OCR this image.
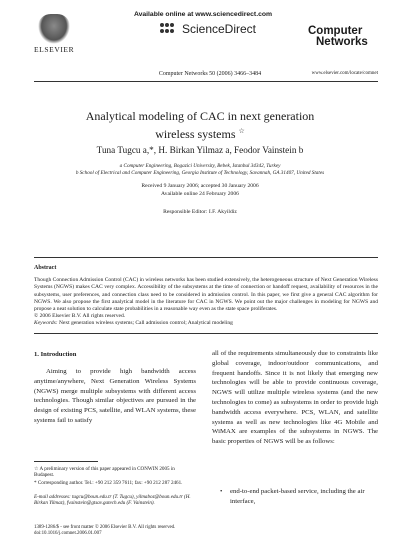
ELSEVIER
Available online at www.sciencedirect.com
ScienceDirect
Computer Networks 50 (2006) 3466–3484
Computer
Networks
www.elsevier.com/locate/comnet
Analytical modeling of CAC in next generation
wireless systems ☆
Tuna Tugcu a,*, H. Birkan Yilmaz a, Feodor Vainstein b
a Computer Engineering, Bogazici University, Bebek, Istanbul 34342, Turkey
b School of Electrical and Computer Engineering, Georgia Institute of Technology, Savannah, GA 31407, United States
Received 9 January 2006; accepted 30 January 2006
Available online 24 February 2006
Responsible Editor: I.F. Akyildiz
Abstract
Though Connection Admission Control (CAC) in wireless networks has been studied extensively, the heterogeneous structure of Next Generation Wireless Systems (NGWS) makes CAC very complex. Accessibility of the subsystems at the time of connection or handoff request, availability of resources in the subsystems, user preferences, and connection class need to be considered in admission control. In this paper, we first give a general CAC algorithm for NGWS. We also propose the first analytical model in the literature for CAC in NGWS. We point out the major challenges in modeling for NGWS and propose a neat solution to calculate state probabilities in a reasonable way even as the state space proliferates.
© 2006 Elsevier B.V. All rights reserved.
Keywords: Next generation wireless systems; Call admission control; Analytical modeling
1. Introduction
Aiming to provide high bandwidth access anytime/anywhere, Next Generation Wireless Systems (NGWS) merge multiple subsystems with different access technologies. Though similar objectives are pursued in the design of existing PCS, satellite, and WLAN systems, these systems fail to satisfy
all of the requirements simultaneously due to constraints like global coverage, indoor/outdoor communications, and frequent handoffs. Since it is not likely that emerging new technologies will be able to provide continuous coverage, NGWS will utilize multiple wireless systems (and the new technologies to come) as subsystems in order to provide high bandwidth access everywhere. PCS, WLAN, and satellite systems as well as new technologies like 4G Mobile and WiMAX are examples of the subsystems in NGWS. The basic properties of NGWS will be as follows:
•	end-to-end packet-based service, including the air interface,
☆ A preliminary version of this paper appeared in CONWIN 2005 in Budapest.
* Corresponding author. Tel.: +90 212 359 7611; fax: +90 212 287 2461.
E-mail addresses: tugcu@boun.edu.tr (T. Tugcu), yilmaboz@boun.edu.tr (H. Birkan Yilmaz), fvainstein@gtsav.gatech.edu (F. Vainstein).
1389-1286/$ - see front matter © 2006 Elsevier B.V. All rights reserved.
doi:10.1016/j.comnet.2006.01.007
